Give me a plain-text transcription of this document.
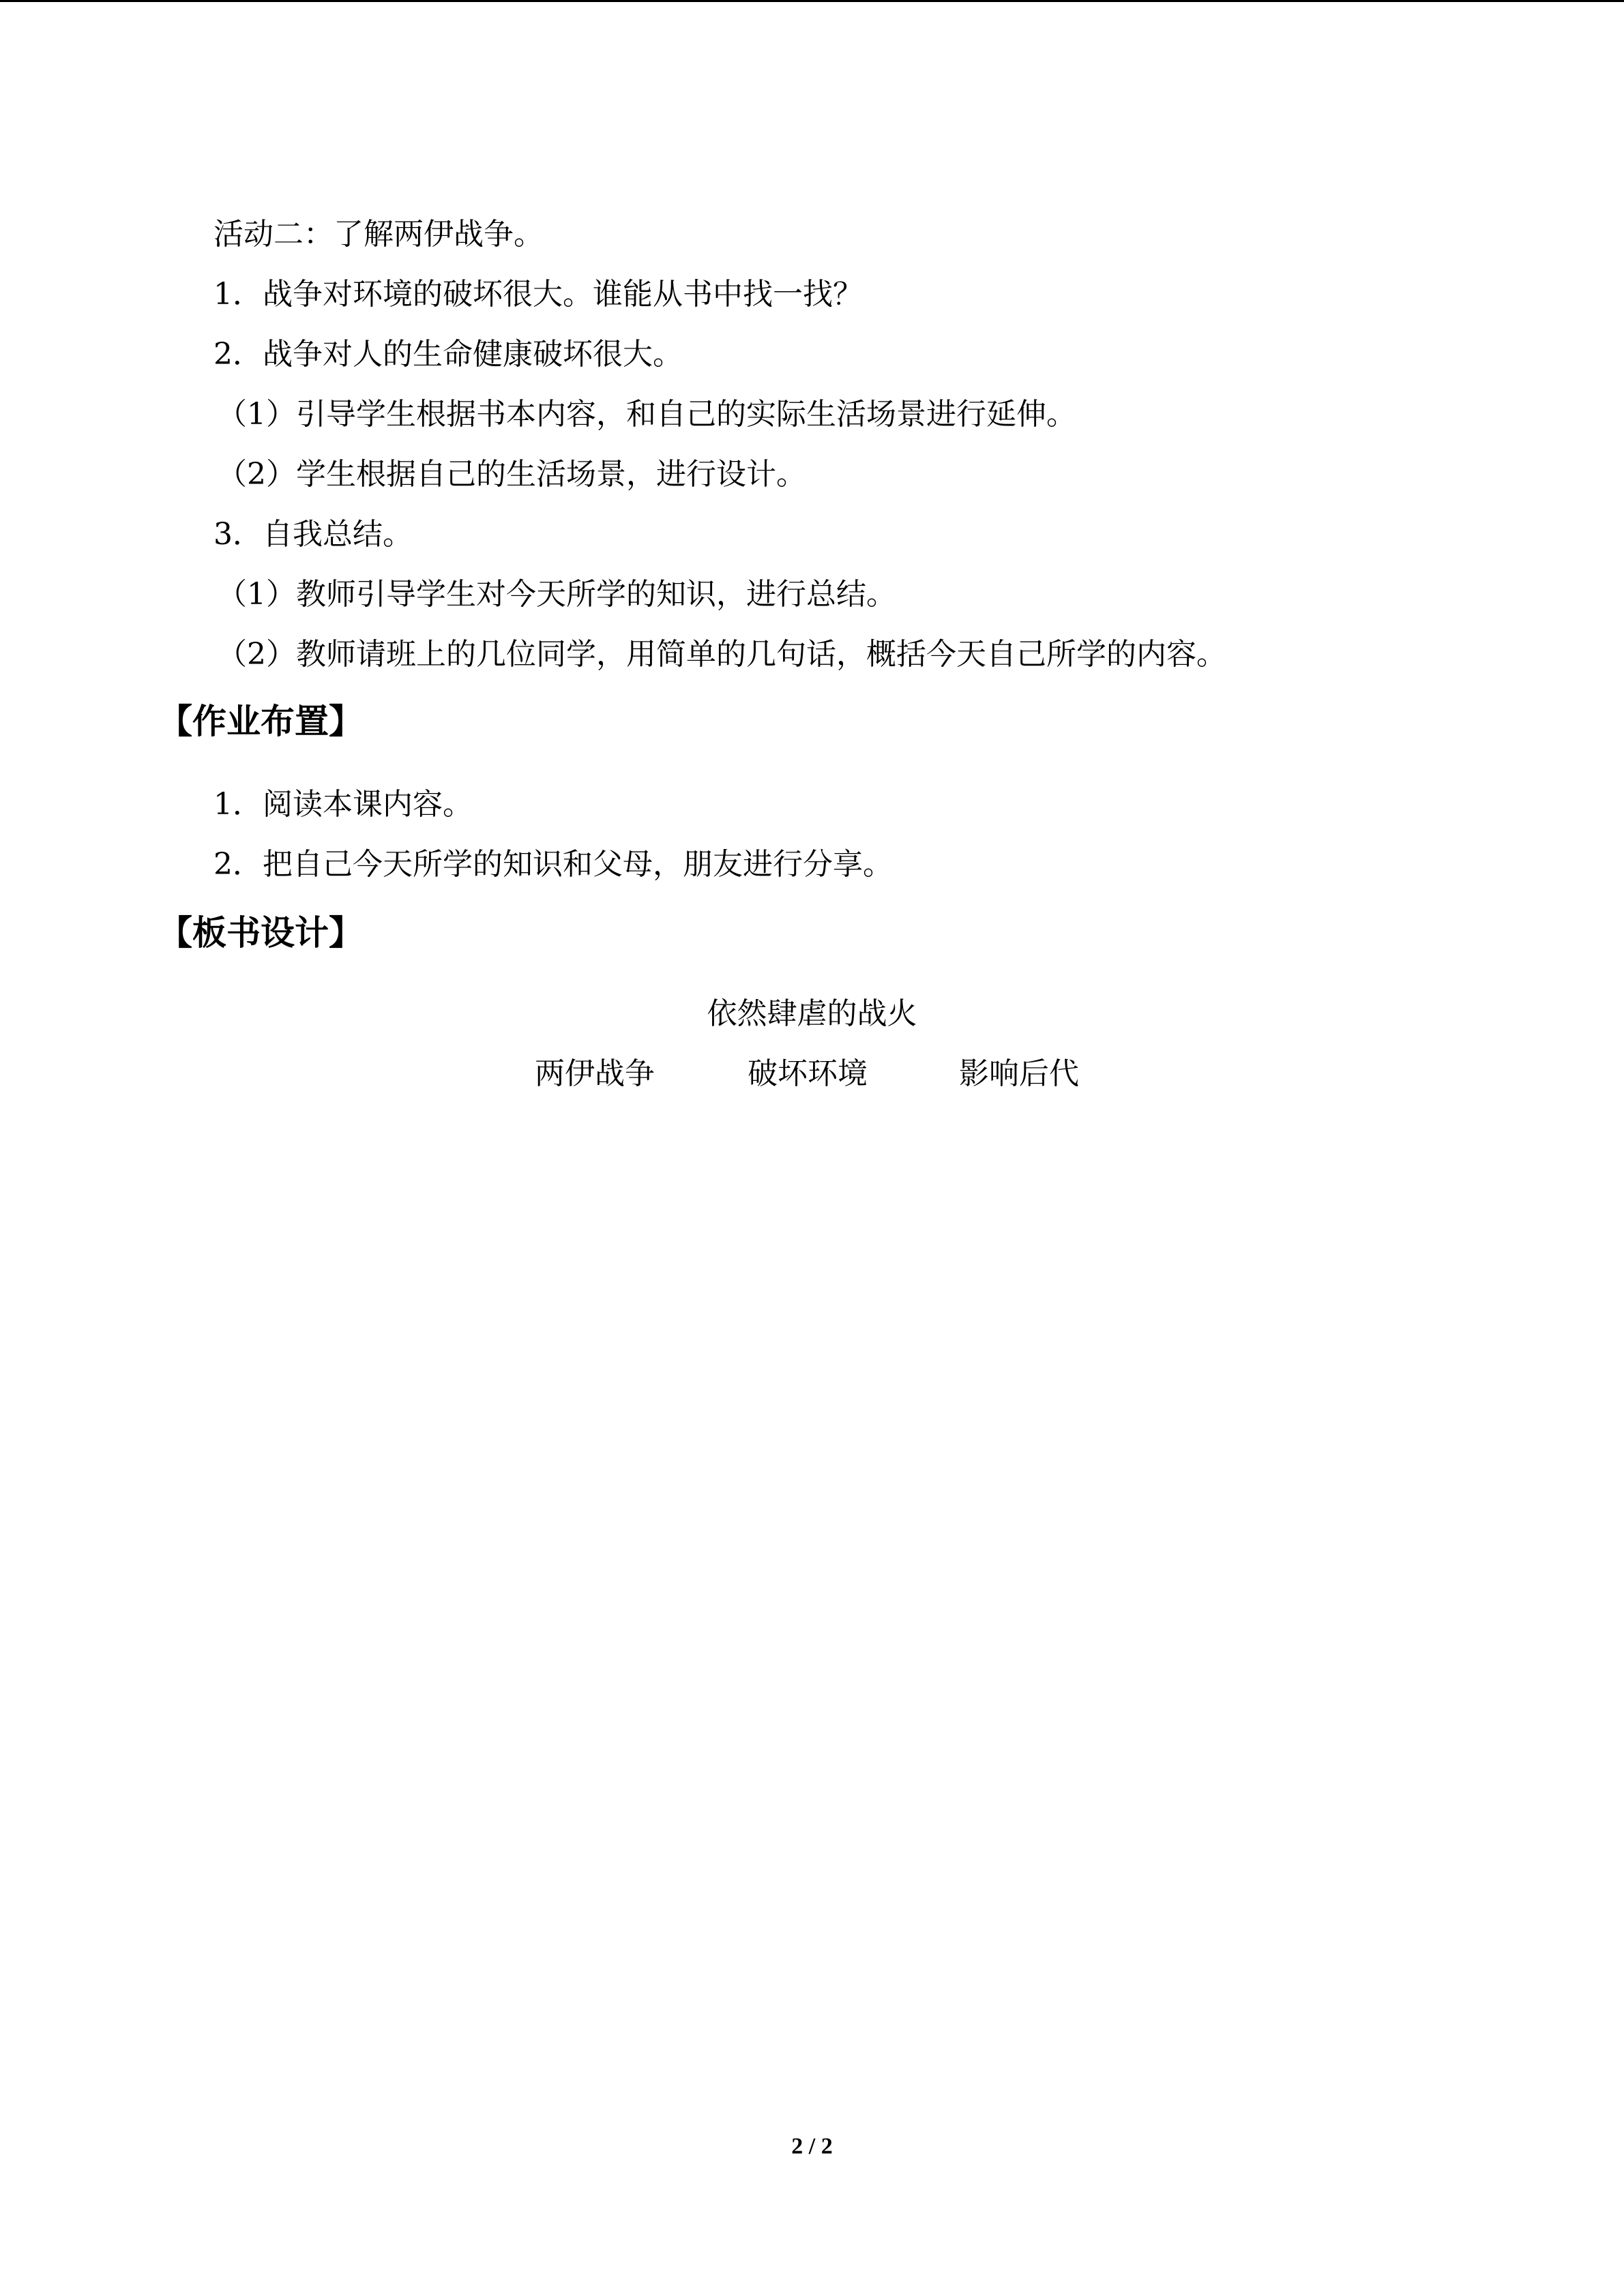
活动二：了解两伊战争。
1．战争对环境的破坏很大。谁能从书中找一找？
2．战争对人的生命健康破坏很大。
（1）引导学生根据书本内容，和自己的实际生活场景进行延伸。
（2）学生根据自己的生活场景，进行设计。
3．自我总结。
（1）教师引导学生对今天所学的知识，进行总结。
（2）教师请班上的几位同学，用简单的几句话，概括今天自己所学的内容。
【作业布置】
1．阅读本课内容。
2．把自己今天所学的知识和父母，朋友进行分享。
【板书设计】
依然肆虐的战火
两伊战争	破坏环境	影响后代
2 / 2
